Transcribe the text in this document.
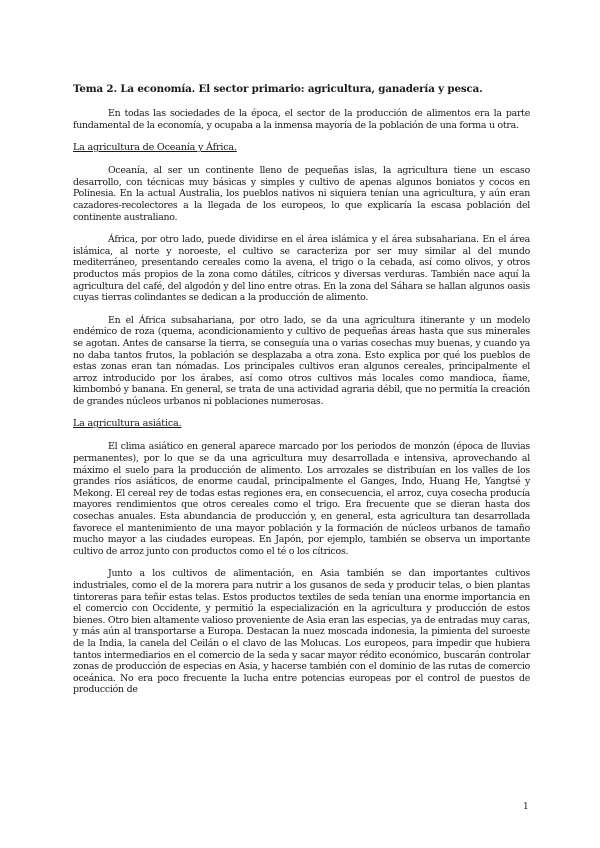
Tema 2. La economía. El sector primario: agricultura, ganadería y pesca.

En todas las sociedades de la época, el sector de la producción de alimentos era la parte fundamental de la economía, y ocupaba a la inmensa mayoría de la población de una forma u otra.

La agricultura de Oceanía y África.

Oceanía, al ser un continente lleno de pequeñas islas, la agricultura tiene un escaso desarrollo, con técnicas muy básicas y simples y cultivo de apenas algunos boniatos y cocos en Polinesia. En la actual Australia, los pueblos nativos ni siquiera tenían una agricultura, y aún eran cazadores-recolectores a la llegada de los europeos, lo que explicaría la escasa población del continente australiano.

África, por otro lado, puede dividirse en el área islámica y el área subsahariana. En el área islámica, al norte y noroeste, el cultivo se caracteriza por ser muy similar al del mundo mediterráneo, presentando cereales como la avena, el trigo o la cebada, así como olivos, y otros productos más propios de la zona como dátiles, cítricos y diversas verduras. También nace aquí la agricultura del café, del algodón y del lino entre otras. En la zona del Sáhara se hallan algunos oasis cuyas tierras colindantes se dedican a la producción de alimento.

En el África subsahariana, por otro lado, se da una agricultura itinerante y un modelo endémico de roza (quema, acondicionamiento y cultivo de pequeñas áreas hasta que sus minerales se agotan. Antes de cansarse la tierra, se conseguía una o varias cosechas muy buenas, y cuando ya no daba tantos frutos, la población se desplazaba a otra zona. Esto explica por qué los pueblos de estas zonas eran tan nómadas. Los principales cultivos eran algunos cereales, principalmente el arroz introducido por los árabes, así como otros cultivos más locales como mandioca, ñame, kimbombó y banana. En general, se trata de una actividad agraria débil, que no permitía la creación de grandes núcleos urbanos ni poblaciones numerosas.

La agricultura asiática.

El clima asiático en general aparece marcado por los periodos de monzón (época de lluvias permanentes), por lo que se da una agricultura muy desarrollada e intensiva, aprovechando al máximo el suelo para la producción de alimento. Los arrozales se distribuían en los valles de los grandes ríos asiáticos, de enorme caudal, principalmente el Ganges, Indo, Huang He, Yangtsé y Mekong. El cereal rey de todas estas regiones era, en consecuencia, el arroz, cuya cosecha producía mayores rendimientos que otros cereales como el trigo. Era frecuente que se dieran hasta dos cosechas anuales. Esta abundancia de producción y, en general, esta agricultura tan desarrollada favorece el mantenimiento de una mayor población y la formación de núcleos urbanos de tamaño mucho mayor a las ciudades europeas. En Japón, por ejemplo, también se observa un importante cultivo de arroz junto con productos como el té o los cítricos.

Junto a los cultivos de alimentación, en Asia también se dan importantes cultivos industriales, como el de la morera para nutrir a los gusanos de seda y producir telas, o bien plantas tintoreras para teñir estas telas. Estos productos textiles de seda tenían una enorme importancia en el comercio con Occidente, y permitió la especialización en la agricultura y producción de estos bienes. Otro bien altamente valioso proveniente de Asia eran las especias, ya de entradas muy caras, y más aún al transportarse a Europa. Destacan la nuez moscada indonesia, la pimienta del suroeste de la India, la canela del Ceilán o el clavo de las Molucas. Los europeos, para impedir que hubiera tantos intermediarios en el comercio de la seda y sacar mayor rédito económico, buscarán controlar zonas de producción de especias en Asia, y hacerse también con el dominio de las rutas de comercio oceánica. No era poco frecuente la lucha entre potencias europeas por el control de puestos de producción de

1
